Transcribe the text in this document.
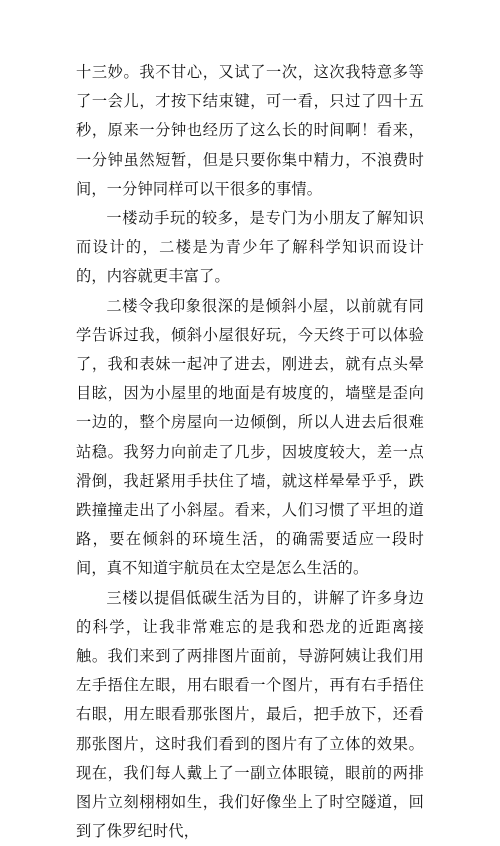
十三妙。我不甘心，又试了一次，这次我特意多等了一会儿，才按下结束键，可一看，只过了四十五秒，原来一分钟也经历了这么长的时间啊！看来，一分钟虽然短暂，但是只要你集中精力，不浪费时间，一分钟同样可以干很多的事情。

一楼动手玩的较多，是专门为小朋友了解知识而设计的，二楼是为青少年了解科学知识而设计的，内容就更丰富了。

二楼令我印象很深的是倾斜小屋，以前就有同学告诉过我，倾斜小屋很好玩，今天终于可以体验了，我和表妹一起冲了进去，刚进去，就有点头晕目眩，因为小屋里的地面是有坡度的，墙壁是歪向一边的，整个房屋向一边倾倒，所以人进去后很难站稳。我努力向前走了几步，因坡度较大，差一点滑倒，我赶紧用手扶住了墙，就这样晕晕乎乎，跌跌撞撞走出了小斜屋。看来，人们习惯了平坦的道路，要在倾斜的环境生活，的确需要适应一段时间，真不知道宇航员在太空是怎么生活的。

三楼以提倡低碳生活为目的，讲解了许多身边的科学，让我非常难忘的是我和恐龙的近距离接触。我们来到了两排图片面前，导游阿姨让我们用左手捂住左眼，用右眼看一个图片，再有右手捂住右眼，用左眼看那张图片，最后，把手放下，还看那张图片，这时我们看到的图片有了立体的效果。现在，我们每人戴上了一副立体眼镜，眼前的两排图片立刻栩栩如生，我们好像坐上了时空隧道，回到了侏罗纪时代，
